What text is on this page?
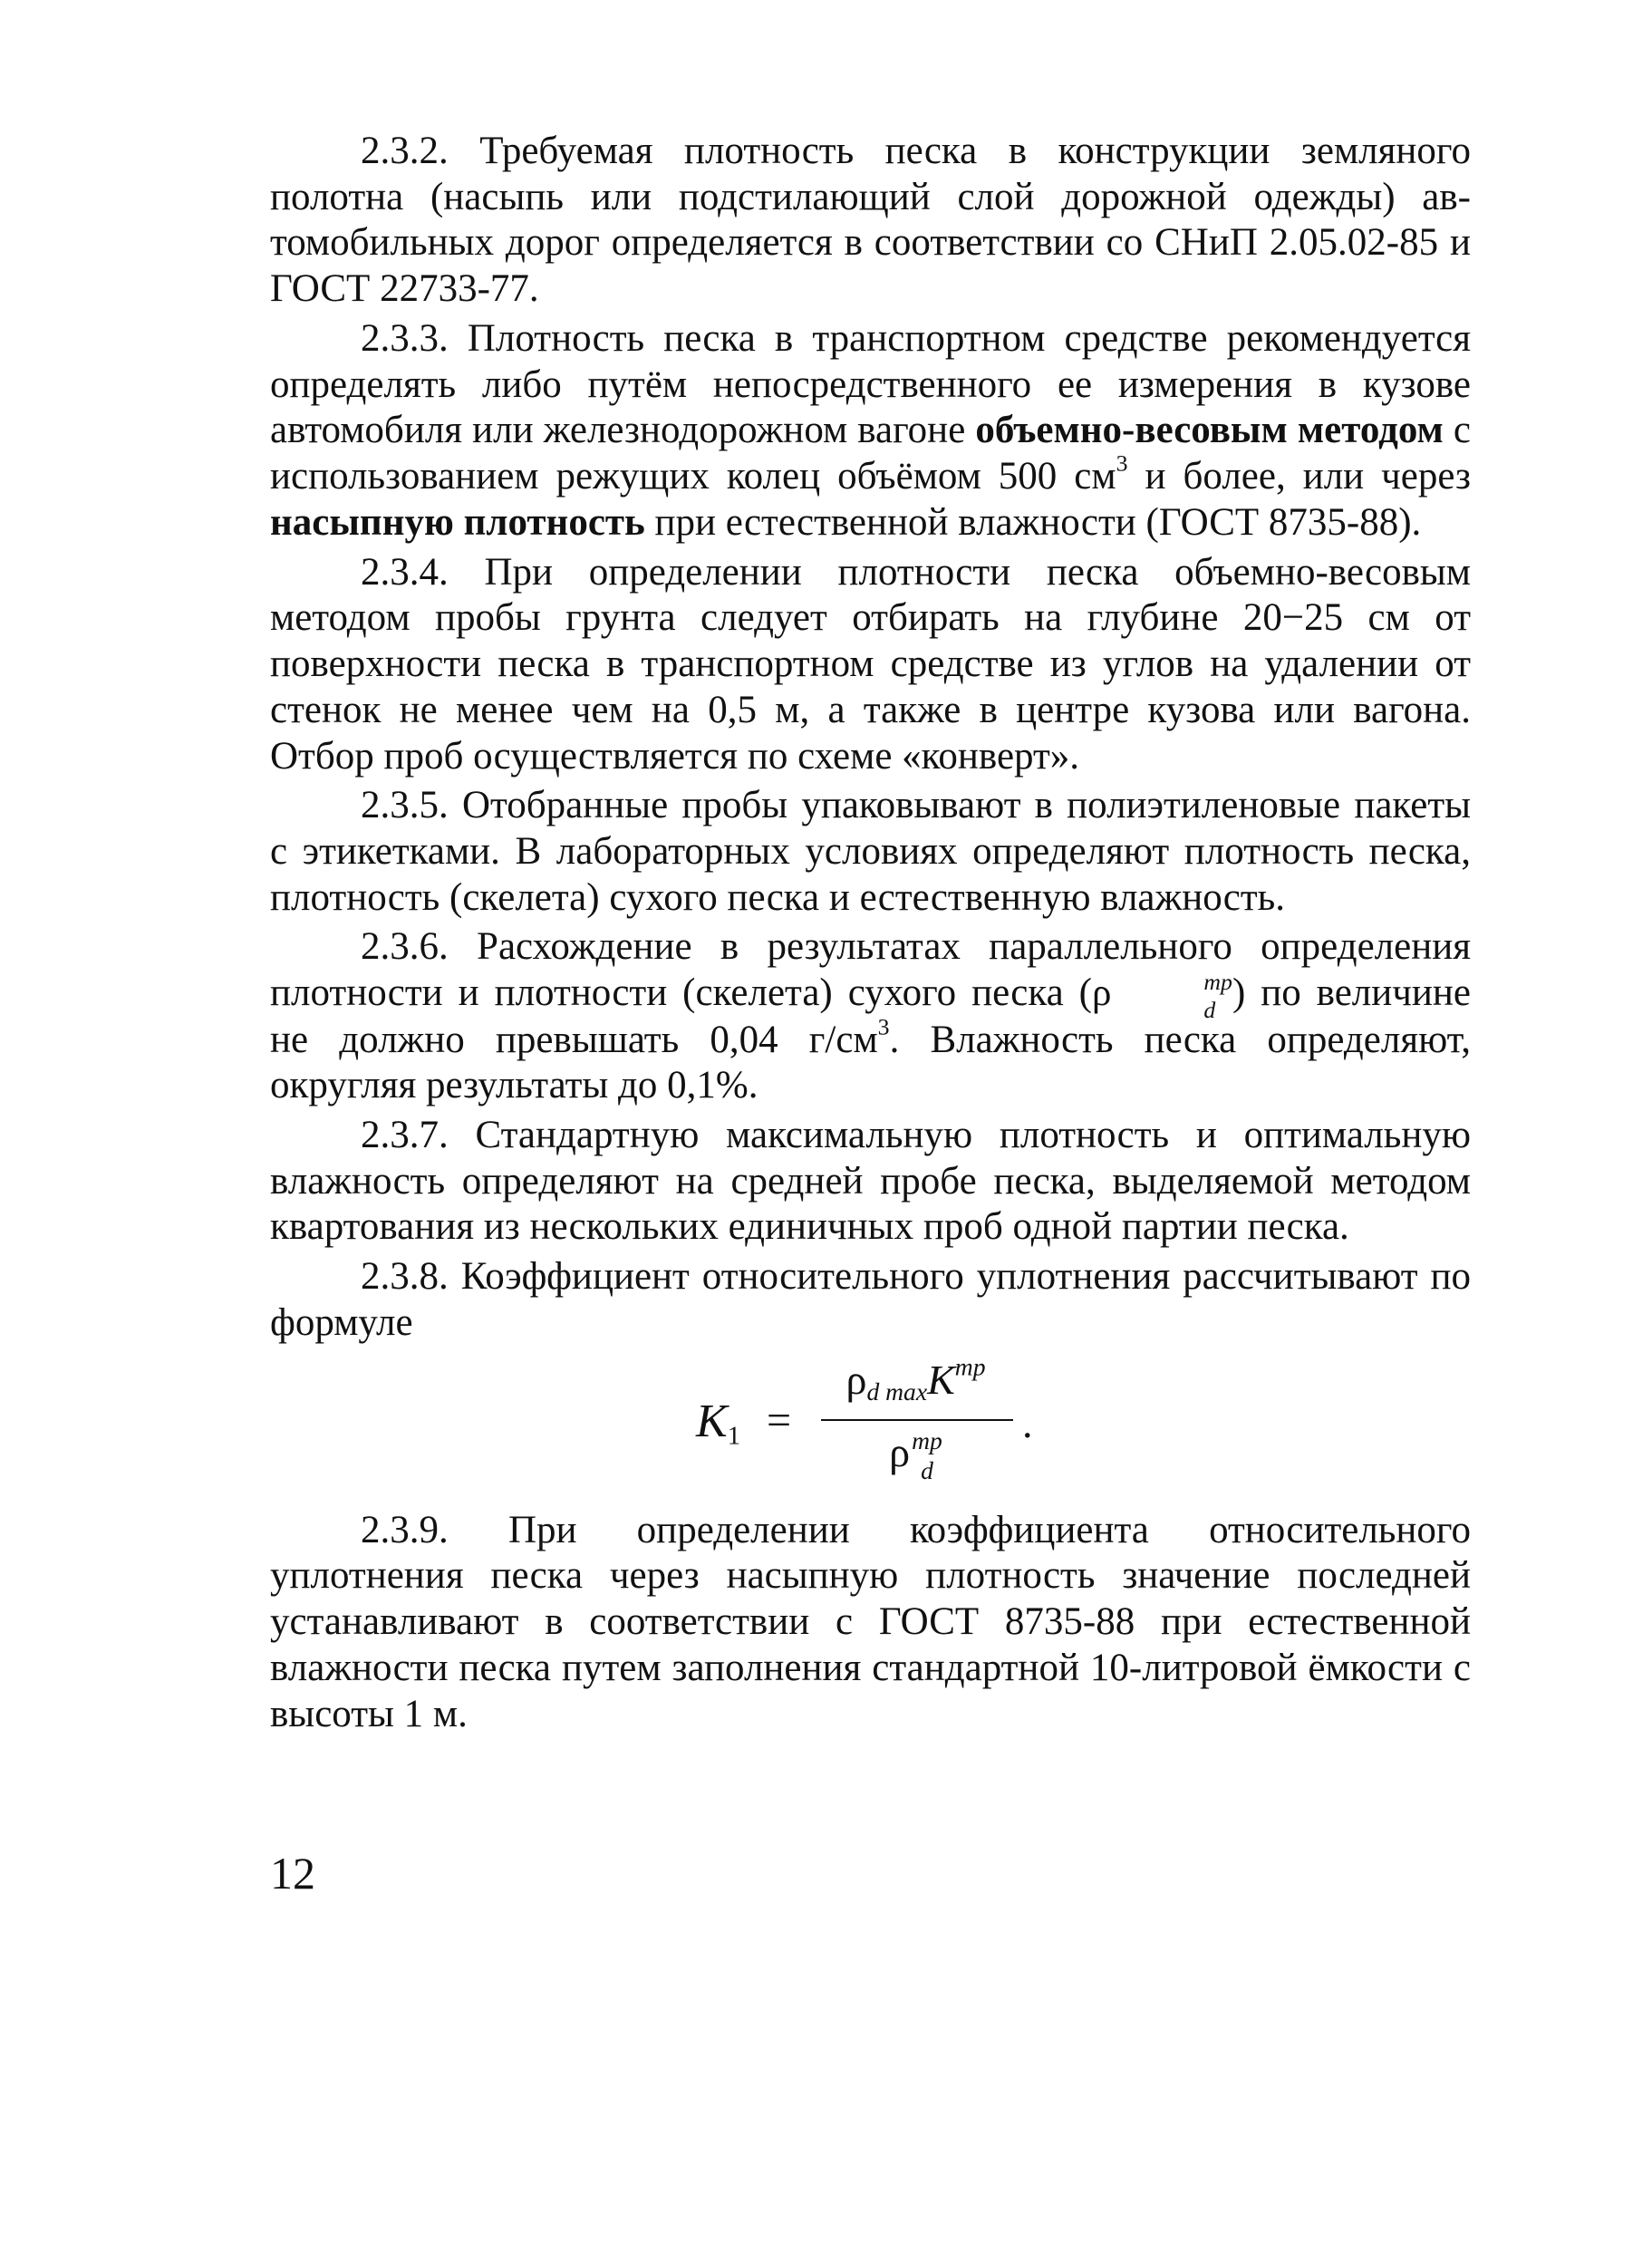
2.3.2. Требуемая плотность песка в конструкции земляного полотна (насыпь или подстилающий слой дорожной одежды) автомобильных дорог определяется в соответствии со СНиП 2.05.02-85 и ГОСТ 22733-77.

2.3.3. Плотность песка в транспортном средстве рекомендуется определять либо путём непосредственного ее измерения в кузове автомобиля или железнодорожном вагоне объемно-весовым методом с использованием режущих колец объёмом 500 $см^3$ и более, или через насыпную плотность при естественной влажности (ГОСТ 8735-88).

2.3.4. При определении плотности песка объемно-весовым методом пробы грунта следует отбирать на глубине 20−25 см от поверхности песка в транспортном средстве из углов на удалении от стенок не менее чем на 0,5 м, а также в центре кузова или вагона. Отбор проб осуществляется по схеме «конверт».

2.3.5. Отобранные пробы упаковывают в полиэтиленовые пакеты с этикетками. В лабораторных условиях определяют плотность песка, плотность (скелета) сухого песка и естественную влажность.

2.3.6. Расхождение в результатах параллельного определения плотности и плотности (скелета) сухого песка (ρ	тр
d ) по величине не должно превышать 0,04 $г/см^3$. Влажность песка определяют, округляя результаты до 0,1%.

2.3.7. Стандартную максимальную плотность и оптимальную влажность определяют на средней пробе песка, выделяемой методом квартования из нескольких единичных проб одной партии песка.

2.3.8. Коэффициент относительного уплотнения рассчитывают по формуле

$K_1$ =
$\rho_{d max}K^{тр}$
ρ тр
d
.

2.3.9. При определении коэффициента относительного уплотнения песка через насыпную плотность значение последней устанавливают в соответствии с ГОСТ 8735-88 при естественной влажности песка путем заполнения стандартной 10-литровой ёмкости с высоты 1 м.

12
